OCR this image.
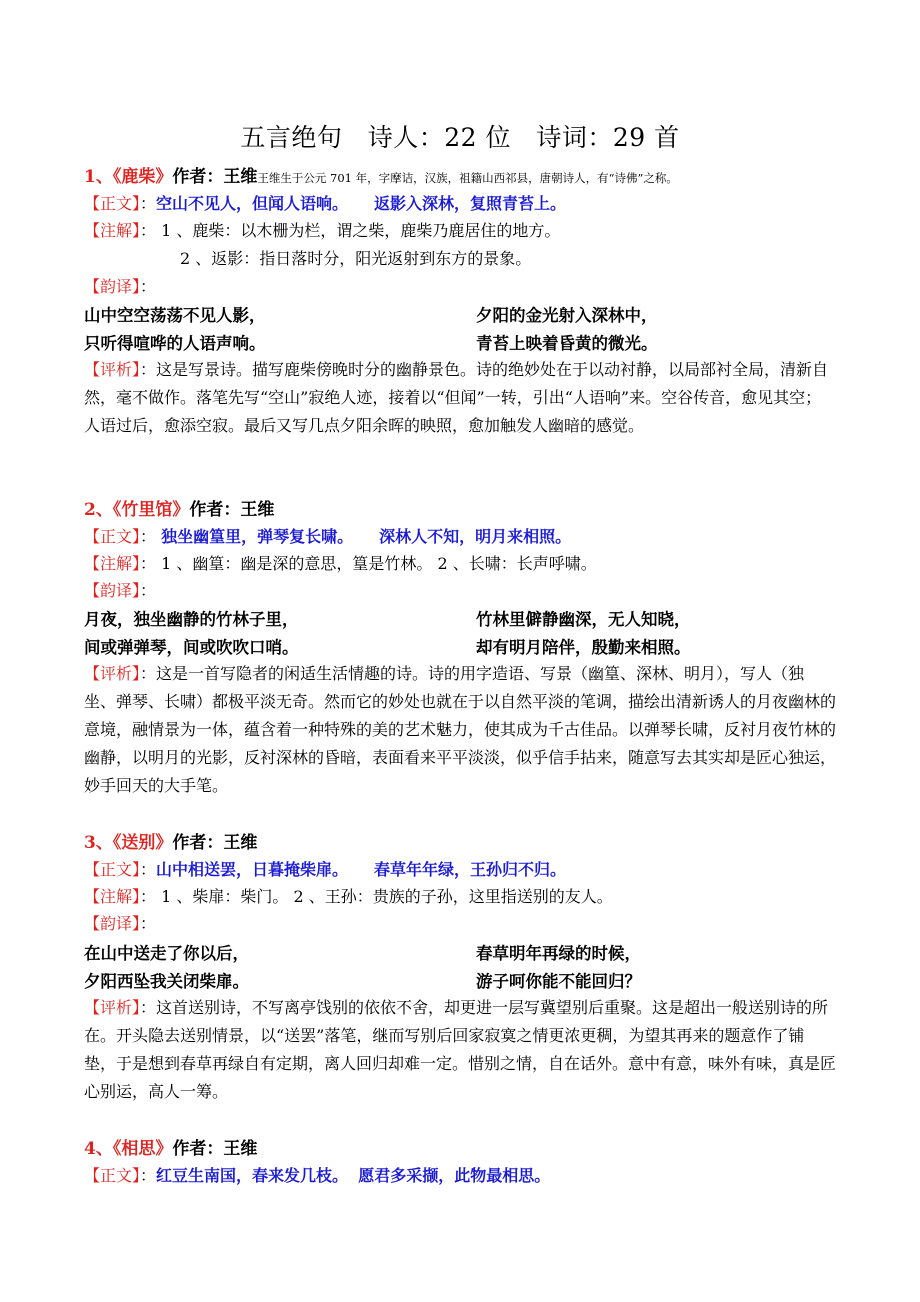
五言绝句   诗人：22 位   诗词：29 首
1、《鹿柴》作者：王维王维生于公元 701 年，字摩诘，汉族，祖籍山西祁县，唐朝诗人，有“诗佛”之称。
【正文】：空山不见人，但闻人语响。 返影入深林，复照青苔上。
【注解】： 1 、鹿柴：以木栅为栏，谓之柴，鹿柴乃鹿居住的地方。
2 、返影：指日落时分，阳光返射到东方的景象。
【韵译】：
山中空空荡荡不见人影，	夕阳的金光射入深林中，
只听得喧哗的人语声响。	青苔上映着昏黄的微光。
【评析】：这是写景诗。描写鹿柴傍晚时分的幽静景色。诗的绝妙处在于以动衬静，以局部衬全局，清新自然，毫不做作。落笔先写“空山”寂绝人迹，接着以“但闻”一转，引出“人语响”来。空谷传音，愈见其空；人语过后，愈添空寂。最后又写几点夕阳余晖的映照，愈加触发人幽暗的感觉。
2、《竹里馆》作者：王维
【正文】： 独坐幽篁里，弹琴复长啸。 深林人不知，明月来相照。
【注解】： 1 、幽篁：幽是深的意思，篁是竹林。 2 、长啸：长声呼啸。
【韵译】：
月夜，独坐幽静的竹林子里，	竹林里僻静幽深，无人知晓，
间或弹弹琴，间或吹吹口哨。	却有明月陪伴，殷勤来相照。
【评析】：这是一首写隐者的闲适生活情趣的诗。诗的用字造语、写景（幽篁、深林、明月），写人（独坐、弹琴、长啸）都极平淡无奇。然而它的妙处也就在于以自然平淡的笔调，描绘出清新诱人的月夜幽林的意境，融情景为一体，蕴含着一种特殊的美的艺术魅力，使其成为千古佳品。以弹琴长啸，反衬月夜竹林的幽静，以明月的光影，反衬深林的昏暗，表面看来平平淡淡，似乎信手拈来，随意写去其实却是匠心独运，妙手回天的大手笔。
3、《送别》作者：王维
【正文】：山中相送罢，日暮掩柴扉。 春草年年绿，王孙归不归。
【注解】： 1 、柴扉：柴门。 2 、王孙：贵族的子孙，这里指送别的友人。
【韵译】：
在山中送走了你以后，	春草明年再绿的时候，
夕阳西坠我关闭柴扉。	游子呵你能不能回归？
【评析】：这首送别诗，不写离亭饯别的依依不舍，却更进一层写冀望别后重聚。这是超出一般送别诗的所在。开头隐去送别情景，以“送罢”落笔，继而写别后回家寂寞之情更浓更稠，为望其再来的题意作了铺垫，于是想到春草再绿自有定期，离人回归却难一定。惜别之情，自在话外。意中有意，味外有味，真是匠心别运，高人一筹。
4、《相思》作者：王维
【正文】：红豆生南国，春来发几枝。 愿君多采撷，此物最相思。
